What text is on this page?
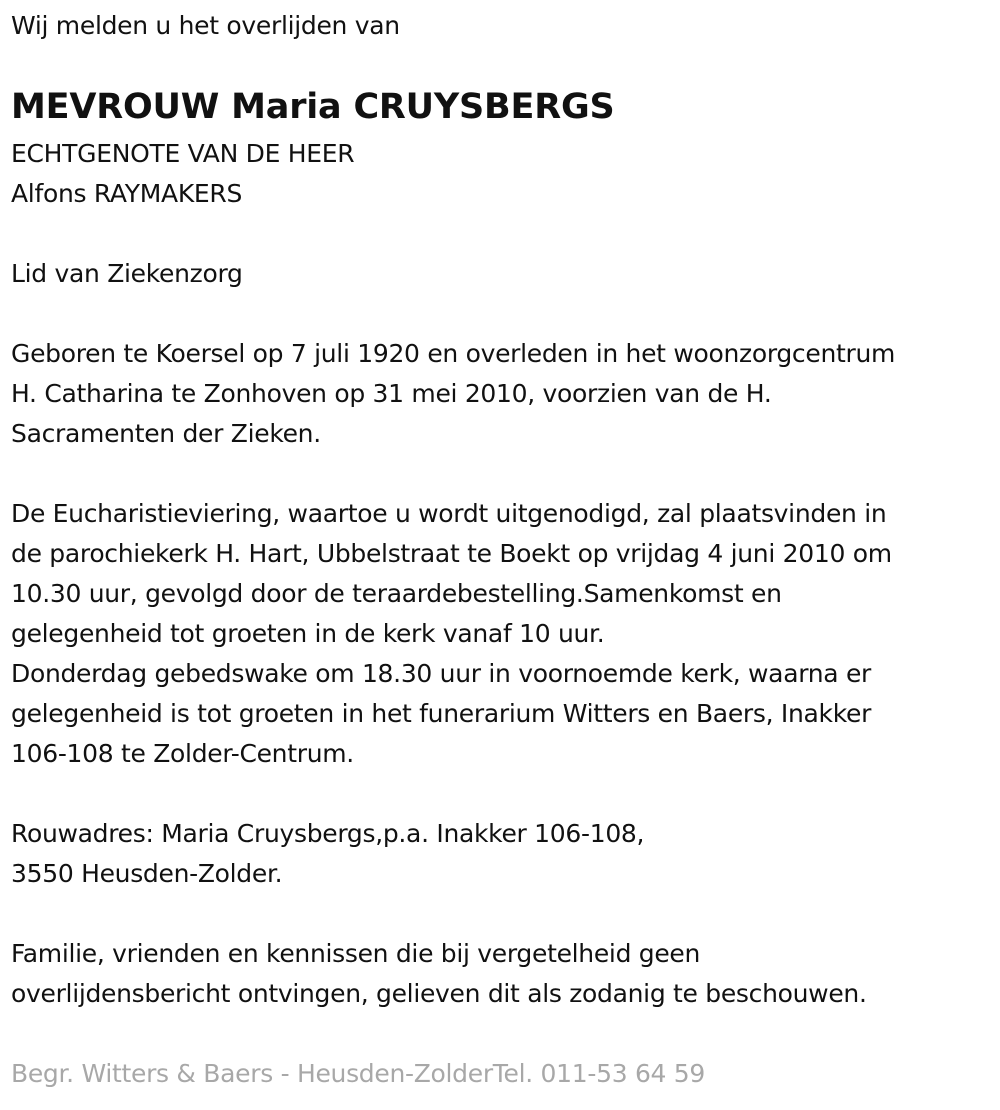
Wij melden u het overlijden van
MEVROUW Maria CRUYSBERGS
ECHTGENOTE VAN DE HEER
Alfons RAYMAKERS
Lid van Ziekenzorg
Geboren te Koersel op 7 juli 1920 en overleden in het woonzorgcentrum
H. Catharina te Zonhoven op 31 mei 2010, voorzien van de H.
Sacramenten der Zieken.
De Eucharistieviering, waartoe u wordt uitgenodigd, zal plaatsvinden in
de parochiekerk H. Hart, Ubbelstraat te Boekt op vrijdag 4 juni 2010 om
10.30 uur, gevolgd door de teraardebestelling.Samenkomst en
gelegenheid tot groeten in de kerk vanaf 10 uur.
Donderdag gebedswake om 18.30 uur in voornoemde kerk, waarna er
gelegenheid is tot groeten in het funerarium Witters en Baers, Inakker
106-108 te Zolder-Centrum.
Rouwadres: Maria Cruysbergs,p.a. Inakker 106-108,
3550 Heusden-Zolder.
Familie, vrienden en kennissen die bij vergetelheid geen
overlijdensbericht ontvingen, gelieven dit als zodanig te beschouwen.
Begr. Witters & Baers - Heusden-ZolderTel. 011-53 64 59
